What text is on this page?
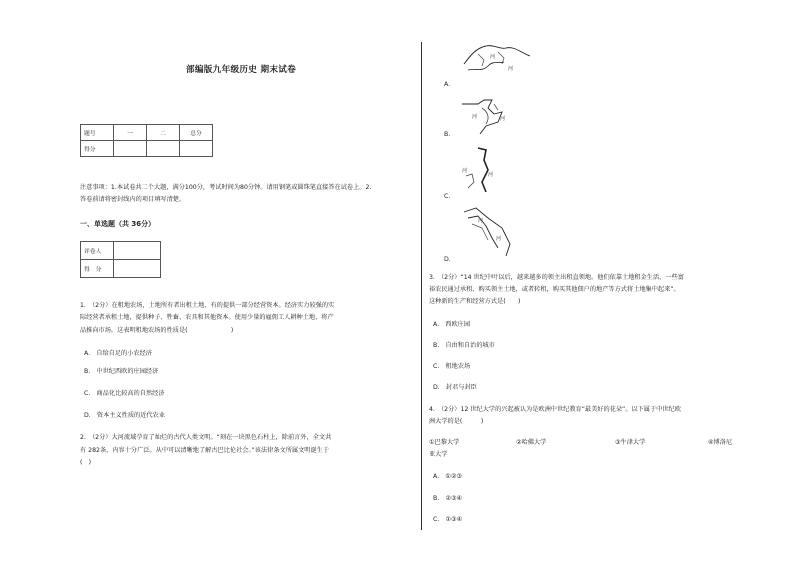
部编版九年级历史 期末试卷
题号	一	二	总分
得分			
注意事项：1.本试卷共二个大题，满分100分，考试时间为80分钟。请用钢笔或圆珠笔直接答在试卷上。2.
答卷前请将密封线内的项目填写清楚。
一、单选题（共 36分）
评卷人	
得　分	
1.　（2分）在租地农场，土地所有者出租土地，有的提供一部分经营资本。经济实力较强的实
际经营者承租土地，提供种子、牲畜、农具和其他资本。使用少量的雇佣工人耕种土地，将产
品推向市场。这表明租地农场的性质是(　　　　　　　)
A.　自给自足的小农经济
B.　中世纪西欧的庄园经济
C.　商品化比较高的自然经济
D.　资本主义性质的近代农业
2.　（2分）大河流域孕育了灿烂的古代人类文明。“刻在一块黑色石柱上，除前言外，全文共
有 282条，内容十分广泛。从中可以清晰地了解古巴比伦社会。”该法律条文所属文明诞生于
(　)
河
河
A.
河
河
B.
河
河
C.
河
河
D.
3.　（2分）“14 世纪中叶以后，越来越多的领主出租直领地。他们依靠土地租金生活，一些富
裕农民通过承租、购买领主土地，或者转租，购买其他佃户的地产等方式将土地集中起来”。
这种新的生产和经营方式是(　　)
A.　西欧庄园
B.　自由和自治的城市
C.　租地农场
D.　封君与封臣
4.　（2分）12 世纪大学的兴起被认为是欧洲中世纪教育“最美好的花朵”。以下属于中世纪欧
洲大学的是(　　　)
①巴黎大学	②哈佛大学	③牛津大学	④博洛尼
亚大学
A.　①②③
B.　②③④
C.　①③④
